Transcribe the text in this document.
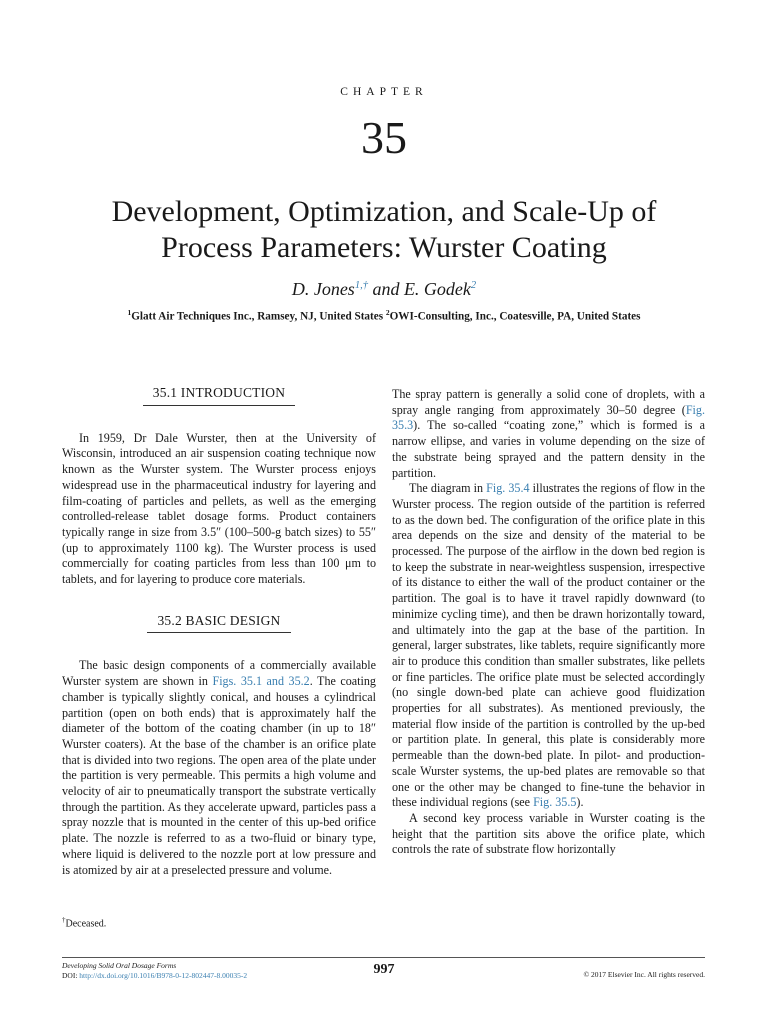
CHAPTER
35
Development, Optimization, and Scale-Up of
Process Parameters: Wurster Coating
D. Jones$^{1,\dagger}$ and E. Godek$^2$
$^1$Glatt Air Techniques Inc., Ramsey, NJ, United States $^2$OWI-Consulting, Inc., Coatesville, PA, United States
35.1 INTRODUCTION

In 1959, Dr Dale Wurster, then at the University of Wisconsin, introduced an air suspension coating technique now known as the Wurster system. The Wurster process enjoys widespread use in the pharmaceutical industry for layering and film-coating of particles and pellets, as well as the emerging controlled-release tablet dosage forms. Product containers typically range in size from 3.5″ (100–500-g batch sizes) to 55″ (up to approximately 1100 kg). The Wurster process is used commercially for coating particles from less than 100 μm to tablets, and for layering to produce core materials.

35.2 BASIC DESIGN

The basic design components of a commercially available Wurster system are shown in Figs. 35.1 and 35.2. The coating chamber is typically slightly conical, and houses a cylindrical partition (open on both ends) that is approximately half the diameter of the bottom of the coating chamber (in up to 18″ Wurster coaters). At the base of the chamber is an orifice plate that is divided into two regions. The open area of the plate under the partition is very permeable. This permits a high volume and velocity of air to pneumatically transport the substrate vertically through the partition. As they accelerate upward, particles pass a spray nozzle that is mounted in the center of this up-bed orifice plate. The nozzle is referred to as a two-fluid or binary type, where liquid is delivered to the nozzle port at low pressure and is atomized by air at a preselected pressure and volume.

The spray pattern is generally a solid cone of droplets, with a spray angle ranging from approximately 30–50 degree (Fig. 35.3). The so-called “coating zone,” which is formed is a narrow ellipse, and varies in volume depending on the size of the substrate being sprayed and the pattern density in the partition.

The diagram in Fig. 35.4 illustrates the regions of flow in the Wurster process. The region outside of the partition is referred to as the down bed. The configuration of the orifice plate in this area depends on the size and density of the material to be processed. The purpose of the airflow in the down bed region is to keep the substrate in near-weightless suspension, irrespective of its distance to either the wall of the product container or the partition. The goal is to have it travel rapidly downward (to minimize cycling time), and then be drawn horizontally toward, and ultimately into the gap at the base of the partition. In general, larger substrates, like tablets, require significantly more air to produce this condition than smaller substrates, like pellets or fine particles. The orifice plate must be selected accordingly (no single down-bed plate can achieve good fluidization properties for all substrates). As mentioned previously, the material flow inside of the partition is controlled by the up-bed or partition plate. In general, this plate is considerably more permeable than the down-bed plate. In pilot- and production-scale Wurster systems, the up-bed plates are removable so that one or the other may be changed to fine-tune the behavior in these individual regions (see Fig. 35.5).

A second key process variable in Wurster coating is the height that the partition sits above the orifice plate, which controls the rate of substrate flow horizontally

†Deceased.
Developing Solid Oral Dosage Forms
DOI: http://dx.doi.org/10.1016/B978-0-12-802447-8.00035-2	997	© 2017 Elsevier Inc. All rights reserved.
